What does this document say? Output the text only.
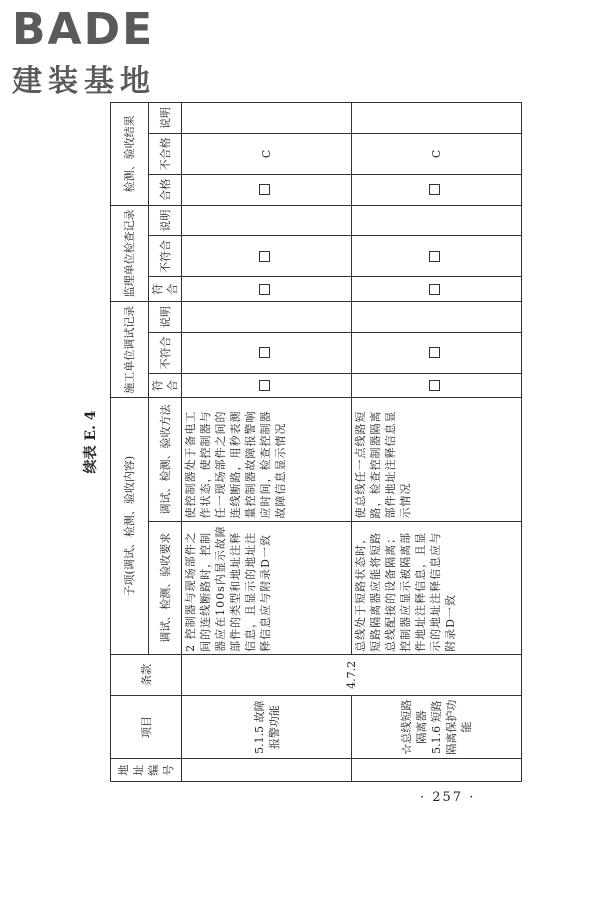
BADE
建装基地
续表 E. 4
地址编号	项目	条款	子项(调试、检测、验收内容)		施工单位调试记录			监理单位检查记录			检测、验收结果		

			调试、检测、验收要求	调试、检测、验收方法	符合	不符合	说明	符合	不符合	说明	合格	不合格	说明
	5.1.5 故障报警功能	4.7.2	2 控制器与现场部件之间的连线断路时，控制器应在100s内显示故障部件的类型和地址注释信息，且显示的地址注释信息应与附录D一致	使控制器处于备电工作状态，使控制器与任一现场部件之间的连线断路，用秒表测量控制器故障报警响应时间，检查控制器故障信息显示情况								C	
	☆总线短路隔离器 5.1.6 短路隔离保护功能		总线处于短路状态时，短路隔离器应能将短路总线配接的设备隔离；控制器应显示被隔离部件地址注释信息，且显示的地址注释信息应与附录D一致	使总线任一点线路短路，检查控制器隔离部件地址注释信息显示情况								C	
· 257 ·
